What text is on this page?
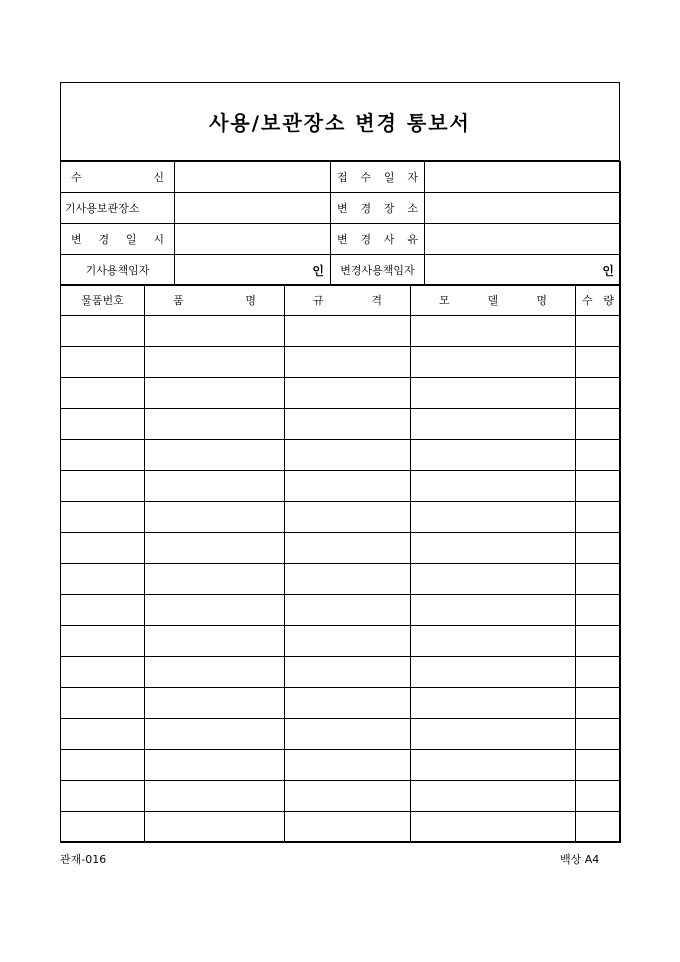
사용/보관장소 변경 통보서
수 신		접 수 일 자	
기사용보관장소		변 경 장 소	
변 경 일 시		변 경 사 유	
기사용책임자	인	변경사용책임자	인
물품번호	품 명	규 격	모 델 명	수 량

관재-016	백상 A4
